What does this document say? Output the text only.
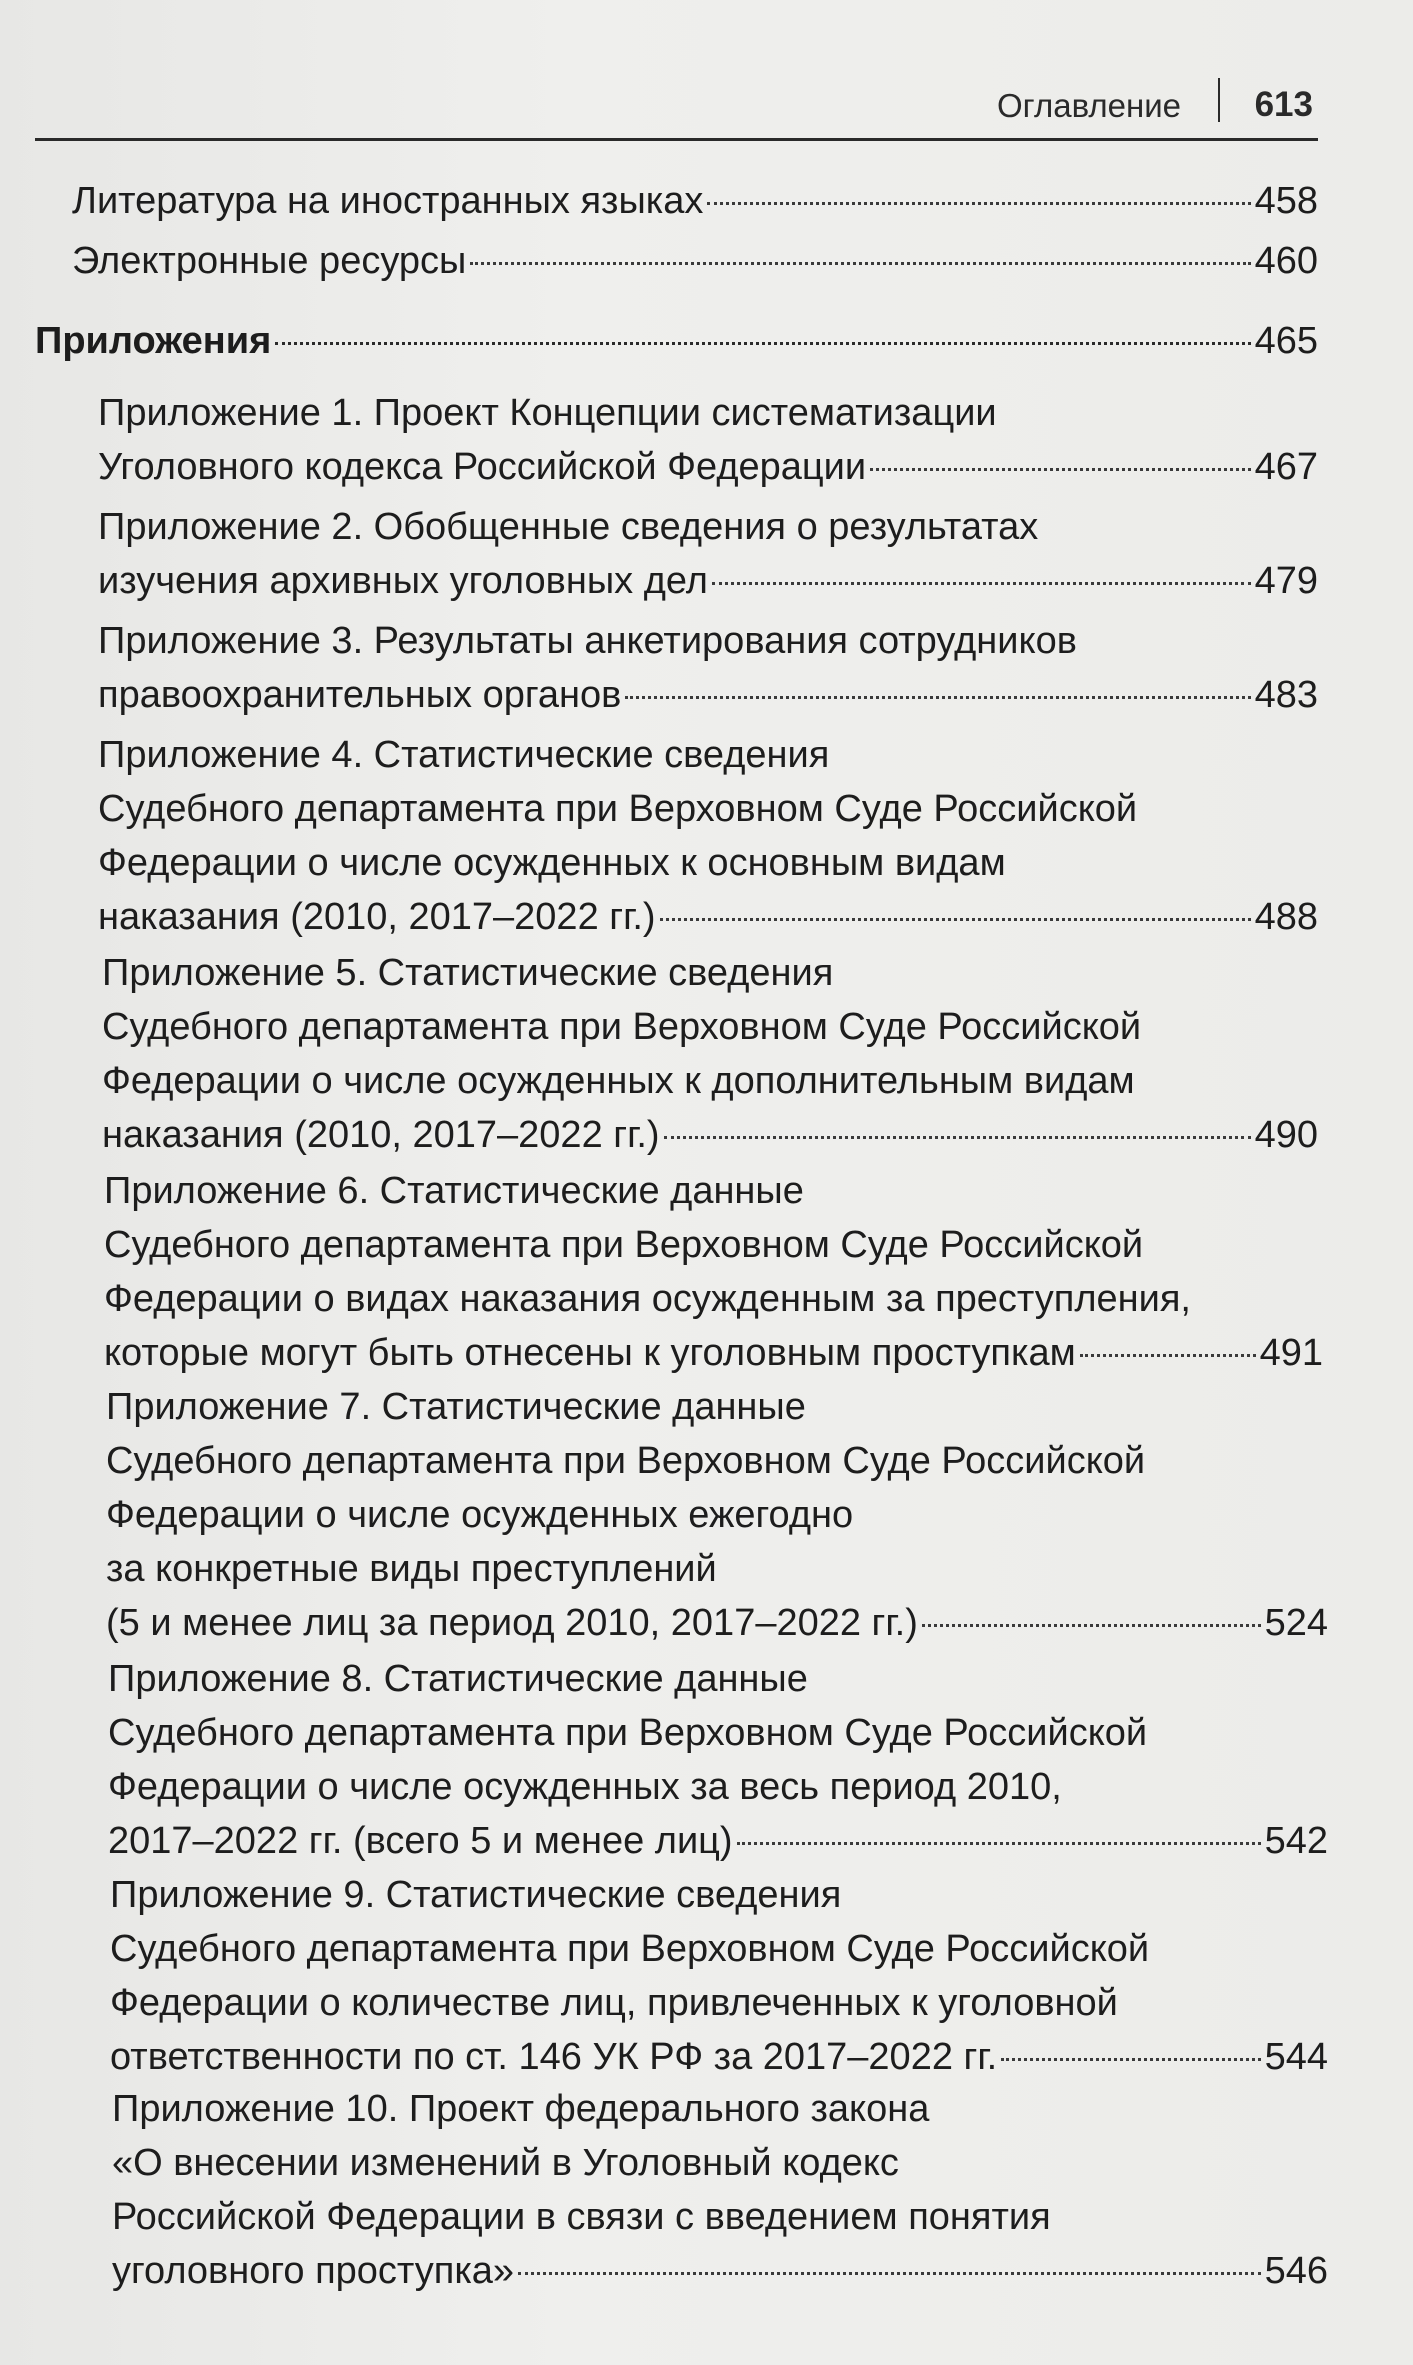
Оглавление 613
Литература на иностранных языках	458
Электронные ресурсы	460
Приложения	465
Приложение 1. Проект Концепции систематизации
Уголовного кодекса Российской Федерации	467
Приложение 2. Обобщенные сведения о результатах
изучения архивных уголовных дел	479
Приложение 3. Результаты анкетирования сотрудников
правоохранительных органов	483
Приложение 4. Статистические сведения
Судебного департамента при Верховном Суде Российской
Федерации о числе осужденных к основным видам
наказания (2010, 2017–2022 гг.)	488
Приложение 5. Статистические сведения
Судебного департамента при Верховном Суде Российской
Федерации о числе осужденных к дополнительным видам
наказания (2010, 2017–2022 гг.)	490
Приложение 6. Статистические данные
Судебного департамента при Верховном Суде Российской
Федерации о видах наказания осужденным за преступления,
которые могут быть отнесены к уголовным проступкам	491
Приложение 7. Статистические данные
Судебного департамента при Верховном Суде Российской
Федерации о числе осужденных ежегодно
за конкретные виды преступлений
(5 и менее лиц за период 2010, 2017–2022 гг.)	524
Приложение 8. Статистические данные
Судебного департамента при Верховном Суде Российской
Федерации о числе осужденных за весь период 2010,
2017–2022 гг. (всего 5 и менее лиц)	542
Приложение 9. Статистические сведения
Судебного департамента при Верховном Суде Российской
Федерации о количестве лиц, привлеченных к уголовной
ответственности по ст. 146 УК РФ за 2017–2022 гг.	544
Приложение 10. Проект федерального закона
«О внесении изменений в Уголовный кодекс
Российской Федерации в связи с введением понятия
уголовного проступка»	546
